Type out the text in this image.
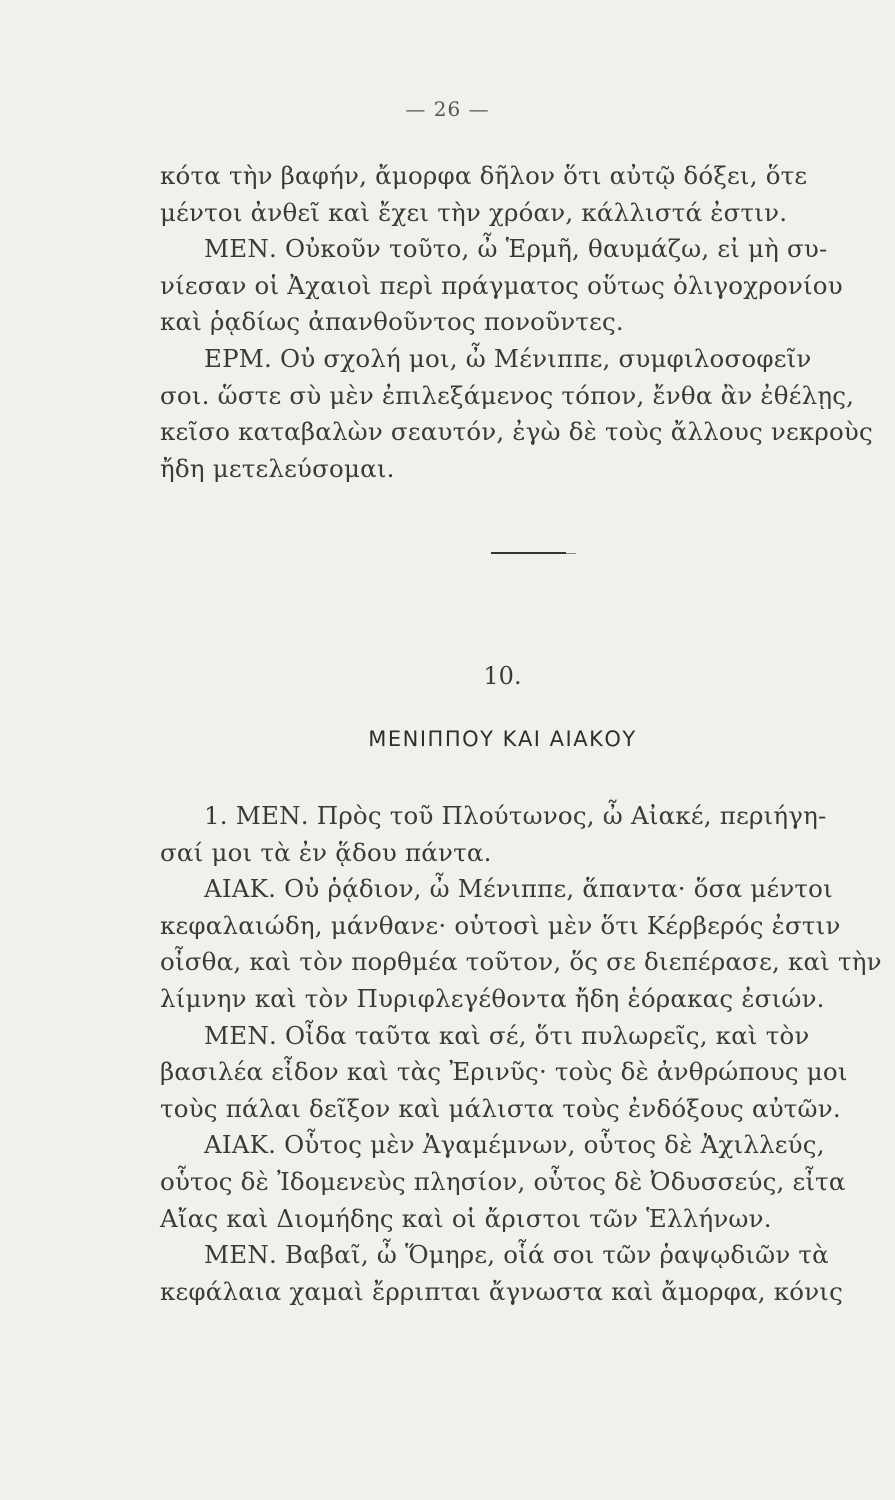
— 26 —
κότα τὴν βαφήν, ἄμορφα δῆλον ὅτι αὐτῷ δόξει, ὅτε
μέντοι ἀνθεῖ καὶ ἔχει τὴν χρόαν, κάλλιστά ἐστιν.
ΜΕΝ. Οὐκοῦν τοῦτο, ὦ Ἑρμῆ, θαυμάζω, εἰ μὴ συ-
νίεσαν οἱ Ἀχαιοὶ περὶ πράγματος οὕτως ὀλιγοχρονίου
καὶ ῥᾳδίως ἀπανθοῦντος πονοῦντες.
ΕΡΜ. Οὐ σχολή μοι, ὦ Μένιππε, συμφιλοσοφεῖν
σοι. ὥστε σὺ μὲν ἐπιλεξάμενος τόπον, ἔνθα ἂν ἐθέλῃς,
κεῖσο καταβαλὼν σεαυτόν, ἐγὼ δὲ τοὺς ἄλλους νεκροὺς
ἤδη μετελεύσομαι.
10.
ΜΕΝΙΠΠΟΥ ΚΑΙ ΑΙΑΚΟΥ
1. ΜΕΝ. Πρὸς τοῦ Πλούτωνος, ὦ Αἰακέ, περιήγη-
σαί μοι τὰ ἐν ᾅδου πάντα.
ΑΙΑΚ. Οὐ ῥᾴδιον, ὦ Μένιππε, ἅπαντα· ὅσα μέντοι
κεφαλαιώδη, μάνθανε· οὑτοσὶ μὲν ὅτι Κέρβερός ἐστιν
οἶσθα, καὶ τὸν πορθμέα τοῦτον, ὅς σε διεπέρασε, καὶ τὴν
λίμνην καὶ τὸν Πυριφλεγέθοντα ἤδη ἑόρακας ἐσιών.
ΜΕΝ. Οἶδα ταῦτα καὶ σέ, ὅτι πυλωρεῖς, καὶ τὸν
βασιλέα εἶδον καὶ τὰς Ἐρινῦς· τοὺς δὲ ἀνθρώπους μοι
τοὺς πάλαι δεῖξον καὶ μάλιστα τοὺς ἐνδόξους αὐτῶν.
ΑΙΑΚ. Οὗτος μὲν Ἀγαμέμνων, οὗτος δὲ Ἀχιλλεύς,
οὗτος δὲ Ἰδομενεὺς πλησίον, οὗτος δὲ Ὀδυσσεύς, εἶτα
Αἴας καὶ Διομήδης καὶ οἱ ἄριστοι τῶν Ἑλλήνων.
ΜΕΝ. Βαβαῖ, ὦ Ὅμηρε, οἷά σοι τῶν ῥαψῳδιῶν τὰ
κεφάλαια χαμαὶ ἔρριπται ἄγνωστα καὶ ἄμορφα, κόνις
